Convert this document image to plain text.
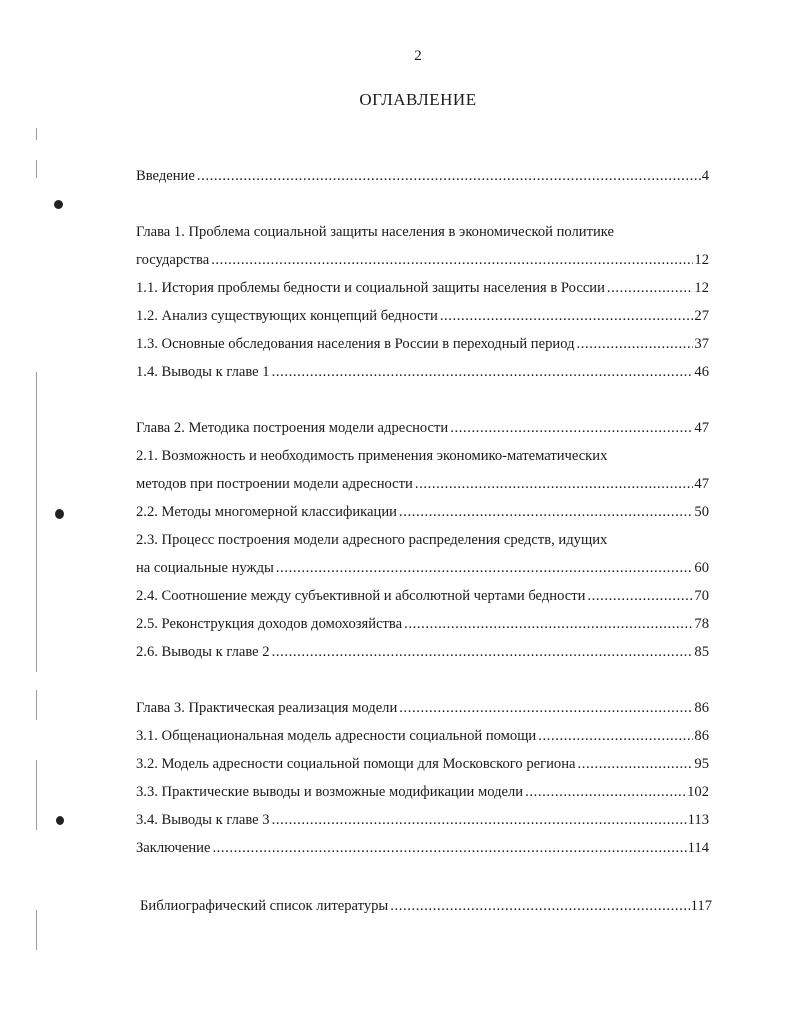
2
ОГЛАВЛЕНИЕ
Введение .....	4
Глава 1. Проблема социальной защиты населения в экономической политике
государства .....	12
1.1. История проблемы бедности и социальной защиты населения в России .....	12
1.2. Анализ существующих концепций бедности .....	27
1.3. Основные обследования населения в России в переходный период .....	37
1.4. Выводы к главе 1 .....	46
Глава 2. Методика построения модели адресности .....	47
2.1. Возможность и необходимость применения экономико-математических
методов при построении модели адресности .....	47
2.2. Методы многомерной классификации .....	50
2.3. Процесс построения модели адресного распределения средств, идущих
на социальные нужды .....	60
2.4. Соотношение между субъективной и абсолютной чертами бедности .....	70
2.5. Реконструкция доходов домохозяйства .....	78
2.6. Выводы к главе 2 .....	85
Глава 3. Практическая реализация модели .....	86
3.1. Общенациональная модель адресности социальной помощи .....	86
3.2. Модель адресности социальной помощи для Московского региона .....	95
3.3. Практические выводы и возможные модификации модели .....	102
3.4. Выводы к главе 3 .....	113
Заключение .....	114
Библиографический список литературы .....	117
